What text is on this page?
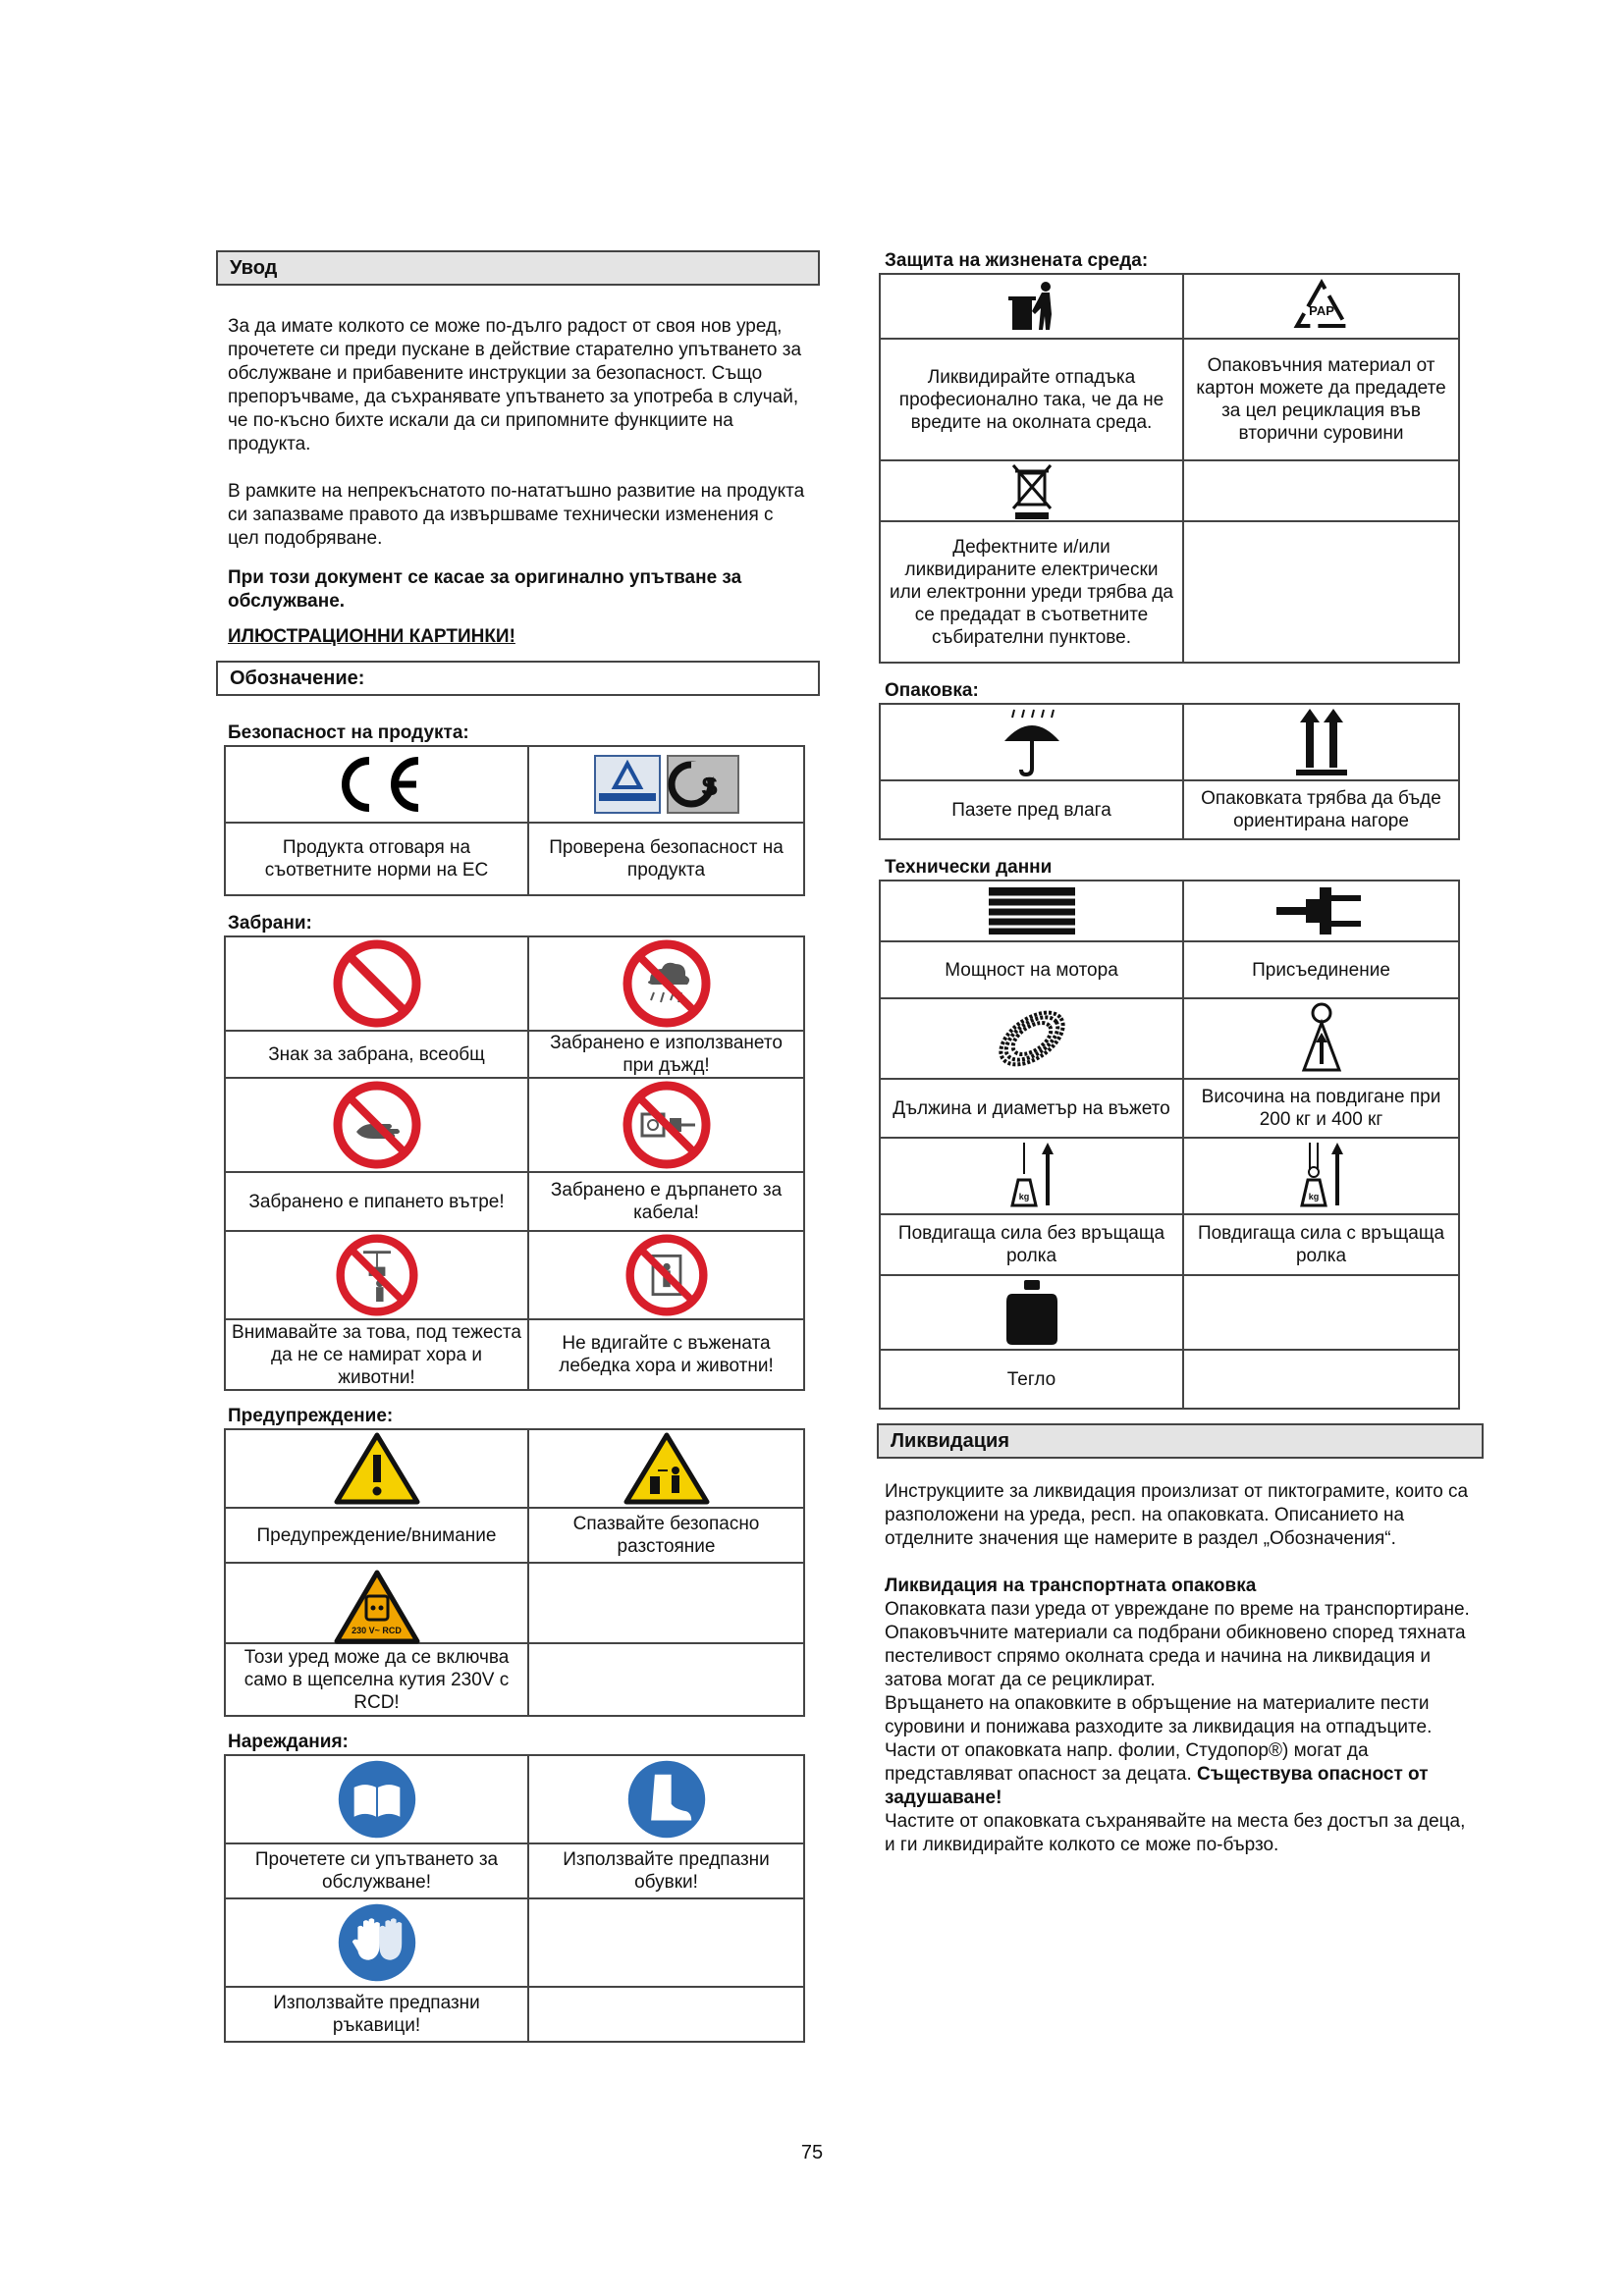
Увод

За да имате колкото се може по-дълго радост от своя нов уред, прочетете си преди пускане в действие старателно упътването за обслужване и прибавените инструкции за безопасност. Също препоръчваме, да съхранявате упътването за употреба в случай, че по-късно бихте искали да си припомните функциите на продукта.

В рамките на непрекъснатото по-нататъшно развитие на продукта си запазваме правото да извършваме технически изменения с цел подобряване.

При този документ се касае за оригинално упътване за обслужване.

ИЛЮСТРАЦИОННИ КАРТИНКИ!

Обозначение:
Безопасност на продукта:

S

Продукта отговаря на съответните норми на ЕС	Проверена безопасност на продукта
Забрани:

Знак за забрана, всеобщ	Забранено е използването при дъжд!

Забранено е пипането вътре!	Забранено е дърпането за кабела!

Внимавайте за това, под тежеста да не се намират хора и животни!	Не вдигайте с въжената лебедка хора и животни!
Предупреждение:

Предупреждение/внимание	Спазвайте безопасно разстояние

230 V~ RCD	

Този уред може да се включва само в щепселна кутия 230V с RCD!	
Нареждания:

Прочетете си упътването за обслужване!	Използвайте предпазни обувки!

Използвайте предпазни ръкавици!	
Защита на жизнената среда:

PAP

Ликвидирайте отпадъка професионално така, че да не вредите на околната среда.	Опаковъчния материал от картон можете да предадете за цел рециклация във вторични суровини

Дефектните и/или ликвидираните електрически или електронни уреди трябва да се предадат в съответните събирателни пунктове.	
Опаковка:

Пазете пред влага	Опаковката трябва да бъде ориентирана нагоре
Технически данни

Мощност на мотора	Присъединение

Дължина и диаметър на въжето	Височина на повдигане при 200 кг и 400 кг

kg	kg

Повдигаща сила без връщаща ролка	Повдигаща сила с връщаща ролка

Тегло	
Ликвидация

Инструкциите за ликвидация произлизат от пиктограмите, които са разположени на уреда, респ. на опаковката. Описанието на отделните значения ще намерите в раздел „Обозначения“.

Ликвидация на транспортната опаковка

Опаковката пази уреда от увреждане по време на транспортиране.

Опаковъчните материали са подбрани обикновено според тяхната пестеливост спрямо околната среда и начина на ликвидация и затова могат да се рециклират.

Връщането на опаковките в обръщение на материалите пести суровини и понижава разходите за ликвидация на отпадъците.

Части от опаковката напр. фолии, Студопор®) могат да представляват опасност за децата. Съществува опасност от задушаване!

Частите от опаковката съхранявайте на места без достъп за деца, и ги ликвидирайте колкото се може по-бързо.

75
